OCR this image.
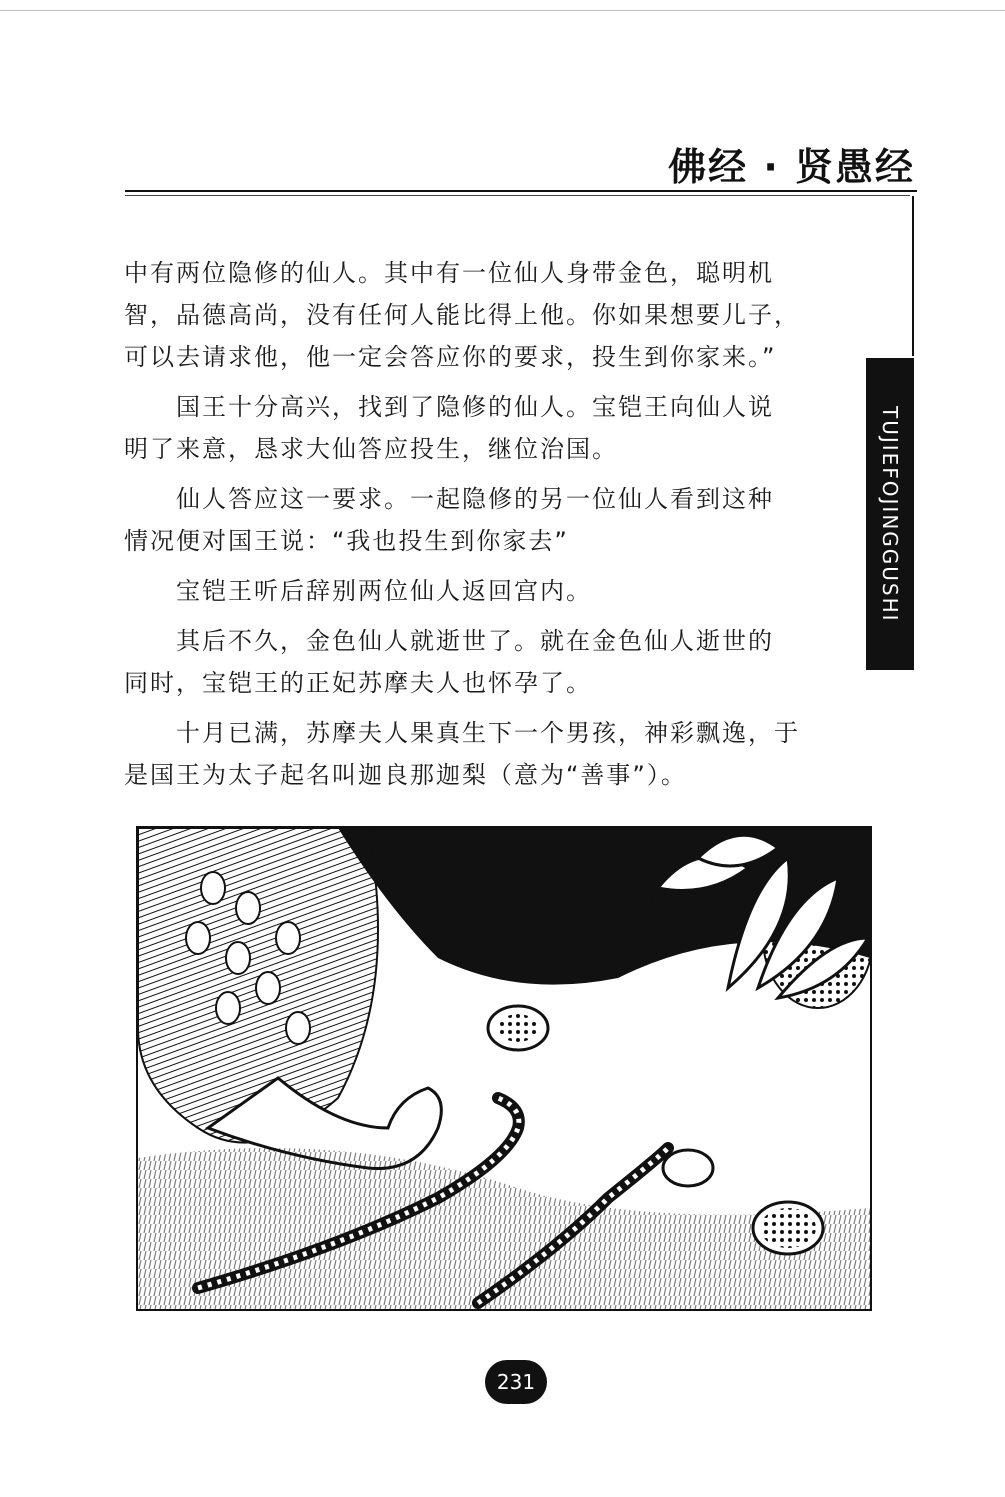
佛经 · 贤愚经
TUJIEFOJINGGUSHI

中有两位隐修的仙人。其中有一位仙人身带金色，聪明机

智，品德高尚，没有任何人能比得上他。你如果想要儿子，

可以去请求他，他一定会答应你的要求，投生到你家来。”

　　国王十分高兴，找到了隐修的仙人。宝铠王向仙人说

明了来意，恳求大仙答应投生，继位治国。

　　仙人答应这一要求。一起隐修的另一位仙人看到这种

情况便对国王说：“我也投生到你家去”

　　宝铠王听后辞别两位仙人返回宫内。

　　其后不久，金色仙人就逝世了。就在金色仙人逝世的

同时，宝铠王的正妃苏摩夫人也怀孕了。

　　十月已满，苏摩夫人果真生下一个男孩，神彩飘逸，于

是国王为太子起名叫迦良那迦梨（意为“善事”）。

231
